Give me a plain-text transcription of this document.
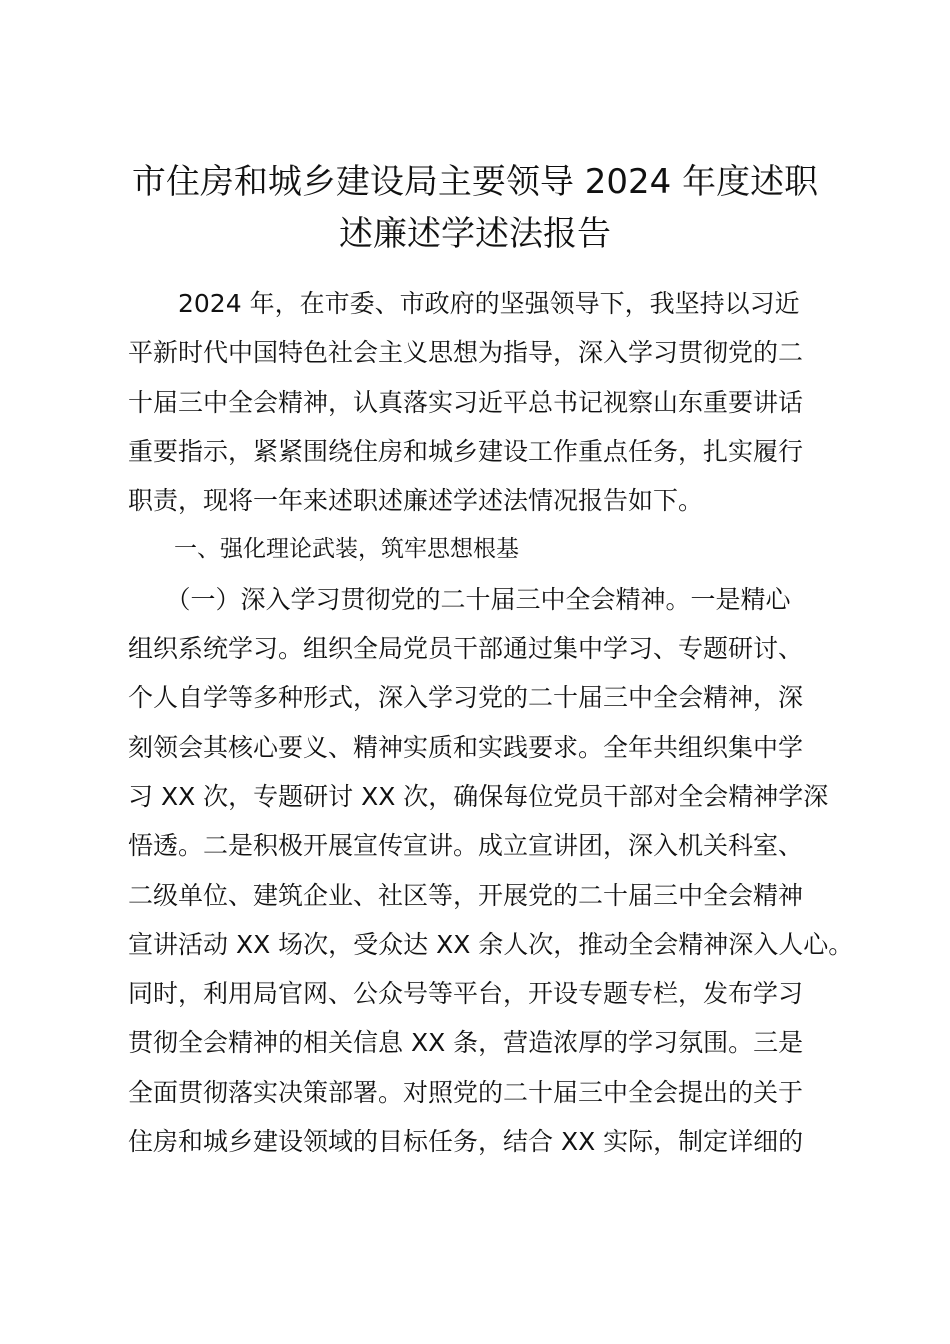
市住房和城乡建设局主要领导 2024 年度述职
述廉述学述法报告
　　2024 年，在市委、市政府的坚强领导下，我坚持以习近
平新时代中国特色社会主义思想为指导，深入学习贯彻党的二
十届三中全会精神，认真落实习近平总书记视察山东重要讲话
重要指示，紧紧围绕住房和城乡建设工作重点任务，扎实履行
职责，现将一年来述职述廉述学述法情况报告如下。
　　一、强化理论武装，筑牢思想根基
　　（一）深入学习贯彻党的二十届三中全会精神。一是精心
组织系统学习。组织全局党员干部通过集中学习、专题研讨、
个人自学等多种形式，深入学习党的二十届三中全会精神，深
刻领会其核心要义、精神实质和实践要求。全年共组织集中学
习 XX 次，专题研讨 XX 次，确保每位党员干部对全会精神学深
悟透。二是积极开展宣传宣讲。成立宣讲团，深入机关科室、
二级单位、建筑企业、社区等，开展党的二十届三中全会精神
宣讲活动 XX 场次，受众达 XX 余人次，推动全会精神深入人心。
同时，利用局官网、公众号等平台，开设专题专栏，发布学习
贯彻全会精神的相关信息 XX 条，营造浓厚的学习氛围。三是
全面贯彻落实决策部署。对照党的二十届三中全会提出的关于
住房和城乡建设领域的目标任务，结合 XX 实际，制定详细的
